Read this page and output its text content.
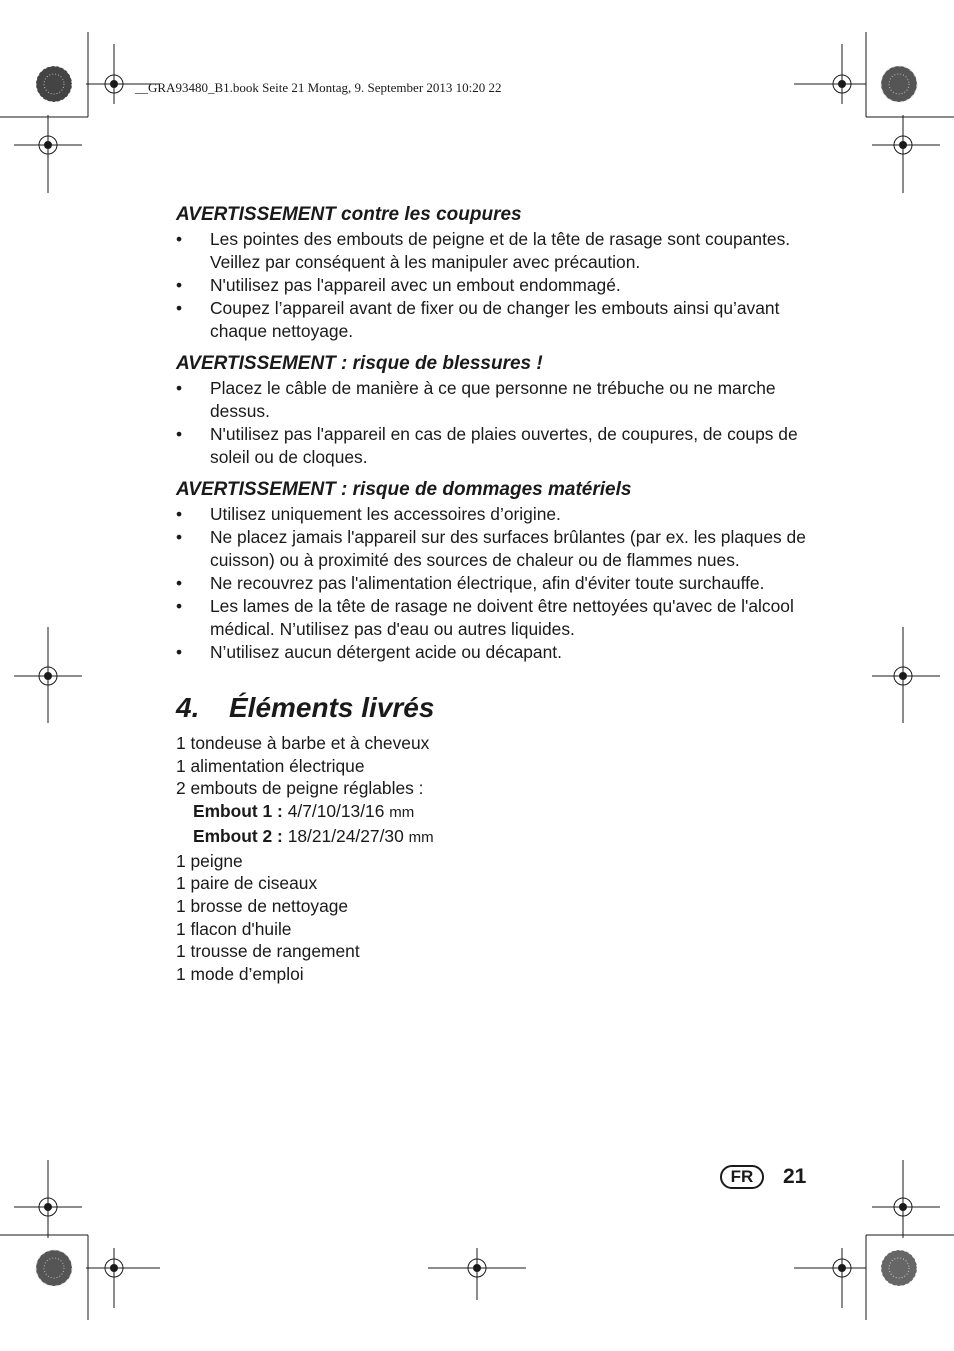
__GRA93480_B1.book Seite 21 Montag, 9. September 2013 10:20 22
AVERTISSEMENT contre les coupures
• Les pointes des embouts de peigne et de la tête de rasage sont coupantes. Veillez par conséquent à les manipuler avec précaution.
• N'utilisez pas l'appareil avec un embout endommagé.
• Coupez l’appareil avant de fixer ou de changer les embouts ainsi qu’avant chaque nettoyage.
AVERTISSEMENT : risque de blessures !
• Placez le câble de manière à ce que personne ne trébuche ou ne marche dessus.
• N'utilisez pas l'appareil en cas de plaies ouvertes, de coupures, de coups de soleil ou de cloques.
AVERTISSEMENT : risque de dommages matériels
• Utilisez uniquement les accessoires d’origine.
• Ne placez jamais l'appareil sur des surfaces brûlantes (par ex. les plaques de cuisson) ou à proximité des sources de chaleur ou de flammes nues.
• Ne recouvrez pas l'alimentation électrique, afin d'éviter toute surchauffe.
• Les lames de la tête de rasage ne doivent être nettoyées qu'avec de l'alcool médical. N’utilisez pas d'eau ou autres liquides.
• N’utilisez aucun détergent acide ou décapant.
4. Éléments livrés
1 tondeuse à barbe et à cheveux
1 alimentation électrique
2 embouts de peigne réglables :
Embout 1 : 4/7/10/13/16 mm
Embout 2 : 18/21/24/27/30 mm
1 peigne
1 paire de ciseaux
1 brosse de nettoyage
1 flacon d'huile
1 trousse de rangement
1 mode d’emploi
FR	21
